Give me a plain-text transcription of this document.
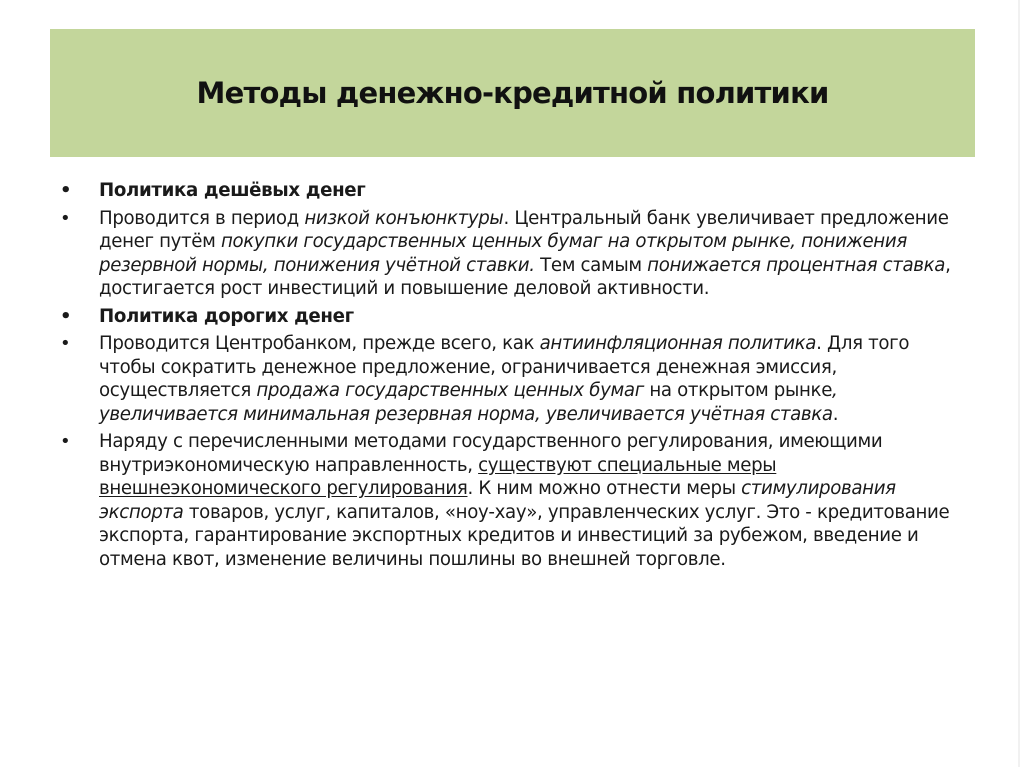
Методы денежно-кредитной политики
•	Политика дешёвых денег
•	Проводится в период низкой конъюнктуры. Центральный банк увеличивает предложение денег путём покупки государственных ценных бумаг на открытом рынке, понижения резервной нормы, понижения учётной ставки. Тем самым понижается процентная ставка, достигается рост инвестиций и повышение деловой активности.
•	Политика дорогих денег
•	Проводится Центробанком, прежде всего, как антиинфляционная политика. Для того чтобы сократить денежное предложение, ограничивается денежная эмиссия, осуществляется продажа государственных ценных бумаг на открытом рынке, увеличивается минимальная резервная норма, увеличивается учётная ставка.
•	Наряду с перечисленными методами государственного регулирования, имеющими внутриэкономическую направленность, существуют специальные меры внешнеэкономического регулирования. К ним можно отнести меры стимулирования экспорта товаров, услуг, капиталов, «ноу-хау», управленческих услуг. Это - кредитование экспорта, гарантирование экспортных кредитов и инвестиций за рубежом, введение и отмена квот, изменение величины пошлины во внешней торговле.
